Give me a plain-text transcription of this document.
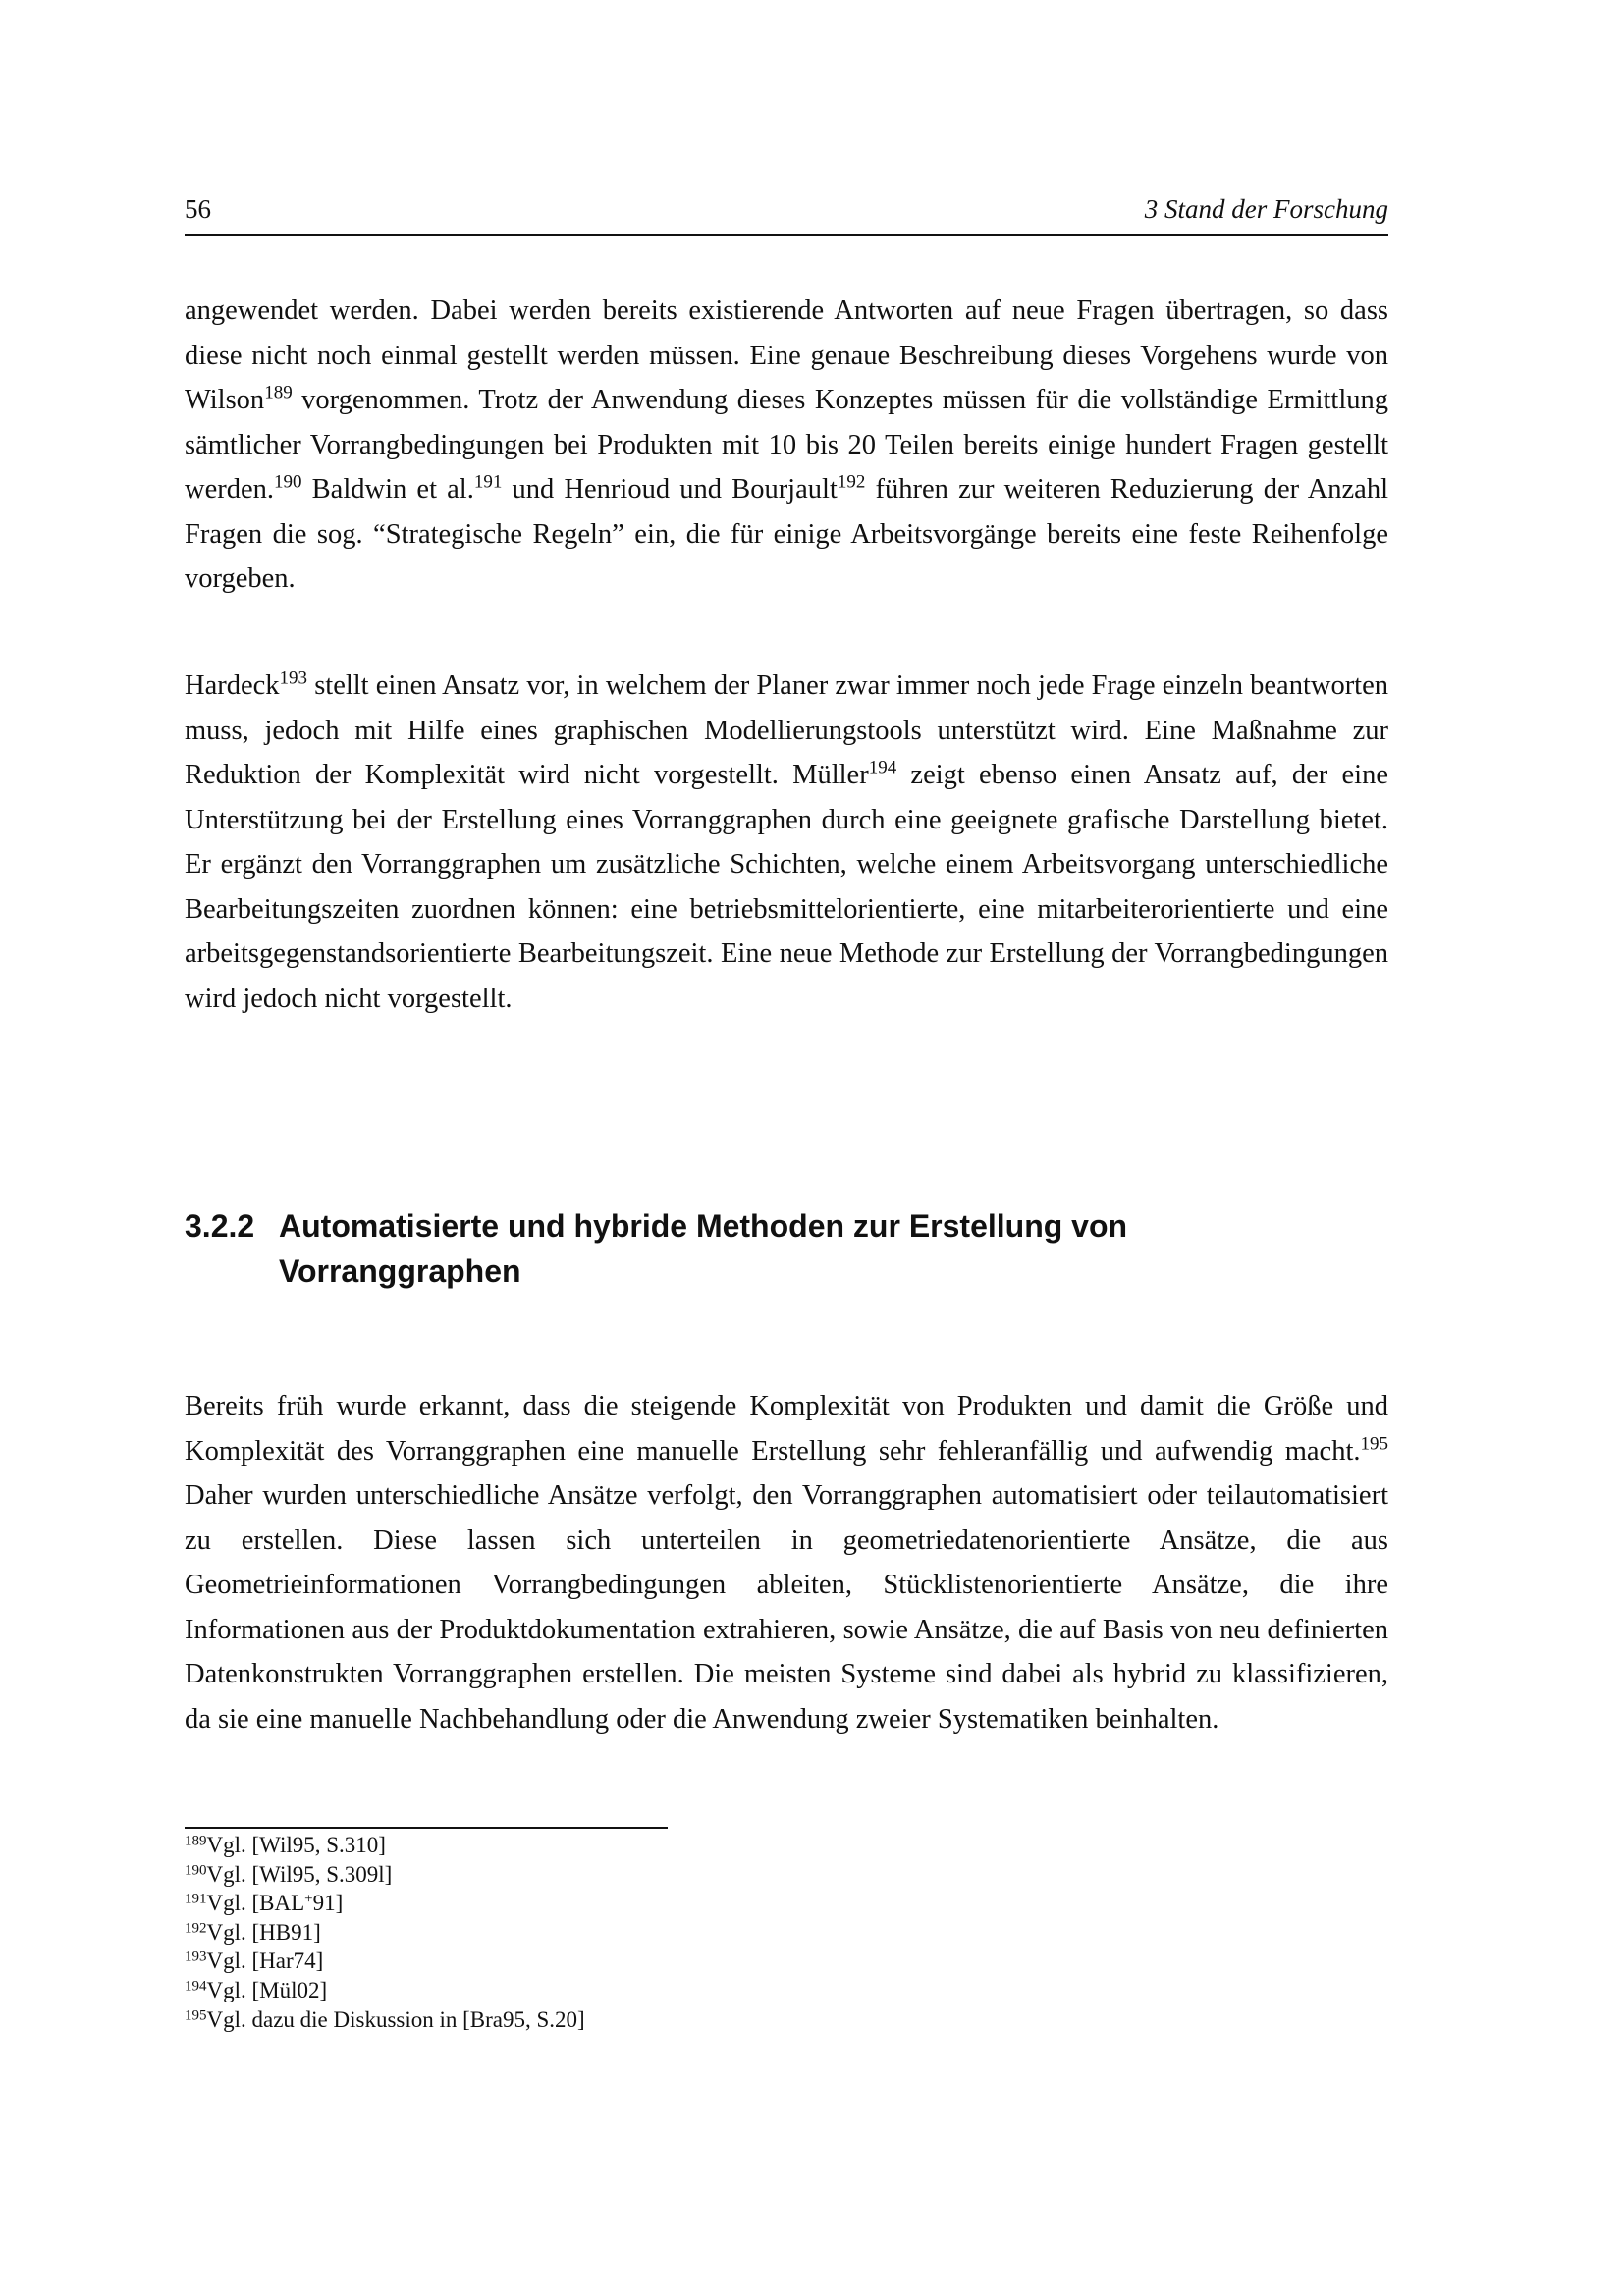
56	3 Stand der Forschung

angewendet werden. Dabei werden bereits existierende Antworten auf neue Fragen übertragen, so dass diese nicht noch einmal gestellt werden müssen. Eine genaue Beschreibung dieses Vorgehens wurde von Wilson$^{189}$ vorgenommen. Trotz der Anwendung dieses Konzeptes müssen für die vollständige Ermittlung sämtlicher Vorrangbedingungen bei Produkten mit 10 bis 20 Teilen bereits einige hundert Fragen gestellt werden.$^{190}$ Baldwin et al.$^{191}$ und Henrioud und Bourjault$^{192}$ führen zur weiteren Reduzierung der Anzahl Fragen die sog. “Strategische Regeln” ein, die für einige Arbeitsvorgänge bereits eine feste Reihenfolge vorgeben.

Hardeck$^{193}$ stellt einen Ansatz vor, in welchem der Planer zwar immer noch jede Frage einzeln beantworten muss, jedoch mit Hilfe eines graphischen Modellierungstools unterstützt wird. Eine Maßnahme zur Reduktion der Komplexität wird nicht vorgestellt. Müller$^{194}$ zeigt ebenso einen Ansatz auf, der eine Unterstützung bei der Erstellung eines Vorranggraphen durch eine geeignete grafische Darstellung bietet. Er ergänzt den Vorranggraphen um zusätzliche Schichten, welche einem Arbeitsvorgang unterschiedliche Bearbeitungszeiten zuordnen können: eine betriebsmittelorientierte, eine mitarbeiterorientierte und eine arbeitsgegenstandsorientierte Bearbeitungszeit. Eine neue Methode zur Erstellung der Vorrangbedingungen wird jedoch nicht vorgestellt.

3.2.2 Automatisierte und hybride Methoden zur Erstellung von Vorranggraphen

Bereits früh wurde erkannt, dass die steigende Komplexität von Produkten und damit die Größe und Komplexität des Vorranggraphen eine manuelle Erstellung sehr fehleranfällig und aufwendig macht.$^{195}$ Daher wurden unterschiedliche Ansätze verfolgt, den Vorranggraphen automatisiert oder teilautomatisiert zu erstellen. Diese lassen sich unterteilen in geometriedatenorientierte Ansätze, die aus Geometrieinformationen Vorrangbedingungen ableiten, Stücklistenorientierte Ansätze, die ihre Informationen aus der Produktdokumentation extrahieren, sowie Ansätze, die auf Basis von neu definierten Datenkonstrukten Vorranggraphen erstellen. Die meisten Systeme sind dabei als hybrid zu klassifizieren, da sie eine manuelle Nachbehandlung oder die Anwendung zweier Systematiken beinhalten.

$^{189}$Vgl. [Wil95, S.310]
$^{190}$Vgl. [Wil95, S.309l]
$^{191}$Vgl. [BAL+91]
$^{192}$Vgl. [HB91]
$^{193}$Vgl. [Har74]
$^{194}$Vgl. [Mül02]
$^{195}$Vgl. dazu die Diskussion in [Bra95, S.20]
